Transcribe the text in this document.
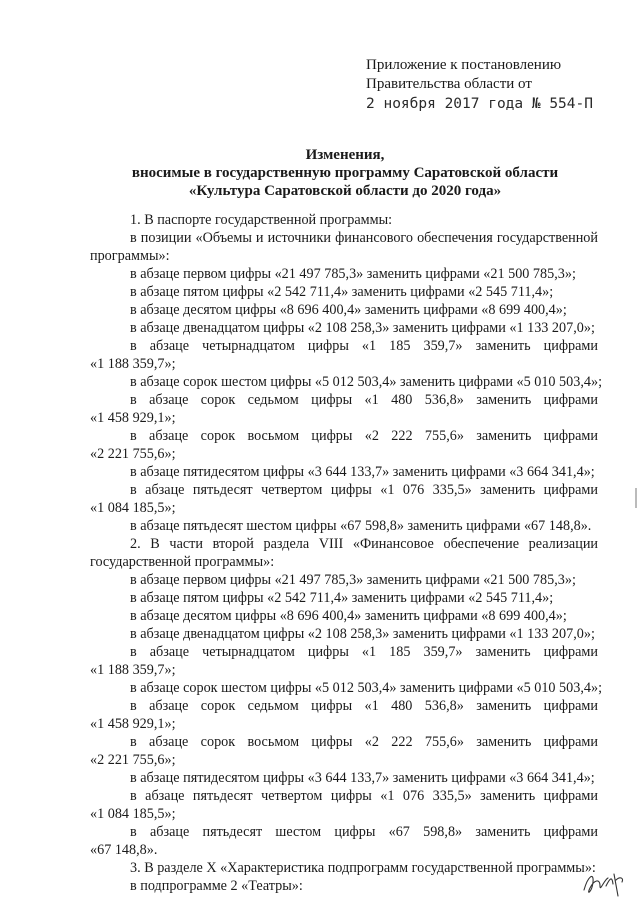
Приложение к постановлению
Правительства области от
2 ноября 2017 года № 554-П
Изменения,
вносимые в государственную программу Саратовской области
«Культура Саратовской области до 2020 года»
1. В паспорте государственной программы:
в позиции «Объемы и источники финансового обеспечения государственной
программы»:
в абзаце первом цифры «21 497 785,3» заменить цифрами «21 500 785,3»;
в абзаце пятом цифры «2 542 711,4» заменить цифрами «2 545 711,4»;
в абзаце десятом цифры «8 696 400,4» заменить цифрами «8 699 400,4»;
в абзаце двенадцатом цифры «2 108 258,3» заменить цифрами «1 133 207,0»;
в абзаце четырнадцатом цифры «1 185 359,7» заменить цифрами
«1 188 359,7»;
в абзаце сорок шестом цифры «5 012 503,4» заменить цифрами «5 010 503,4»;
в абзаце сорок седьмом цифры «1 480 536,8» заменить цифрами
«1 458 929,1»;
в абзаце сорок восьмом цифры «2 222 755,6» заменить цифрами
«2 221 755,6»;
в абзаце пятидесятом цифры «3 644 133,7» заменить цифрами «3 664 341,4»;
в абзаце пятьдесят четвертом цифры «1 076 335,5» заменить цифрами
«1 084 185,5»;
в абзаце пятьдесят шестом цифры «67 598,8» заменить цифрами «67 148,8».
2. В части второй раздела VIII «Финансовое обеспечение реализации
государственной программы»:
в абзаце первом цифры «21 497 785,3» заменить цифрами «21 500 785,3»;
в абзаце пятом цифры «2 542 711,4» заменить цифрами «2 545 711,4»;
в абзаце десятом цифры «8 696 400,4» заменить цифрами «8 699 400,4»;
в абзаце двенадцатом цифры «2 108 258,3» заменить цифрами «1 133 207,0»;
в абзаце четырнадцатом цифры «1 185 359,7» заменить цифрами
«1 188 359,7»;
в абзаце сорок шестом цифры «5 012 503,4» заменить цифрами «5 010 503,4»;
в абзаце сорок седьмом цифры «1 480 536,8» заменить цифрами
«1 458 929,1»;
в абзаце сорок восьмом цифры «2 222 755,6» заменить цифрами
«2 221 755,6»;
в абзаце пятидесятом цифры «3 644 133,7» заменить цифрами «3 664 341,4»;
в абзаце пятьдесят четвертом цифры «1 076 335,5» заменить цифрами
«1 084 185,5»;
в абзаце пятьдесят шестом цифры «67 598,8» заменить цифрами
«67 148,8».
3. В разделе X «Характеристика подпрограмм государственной программы»:
в подпрограмме 2 «Театры»:
